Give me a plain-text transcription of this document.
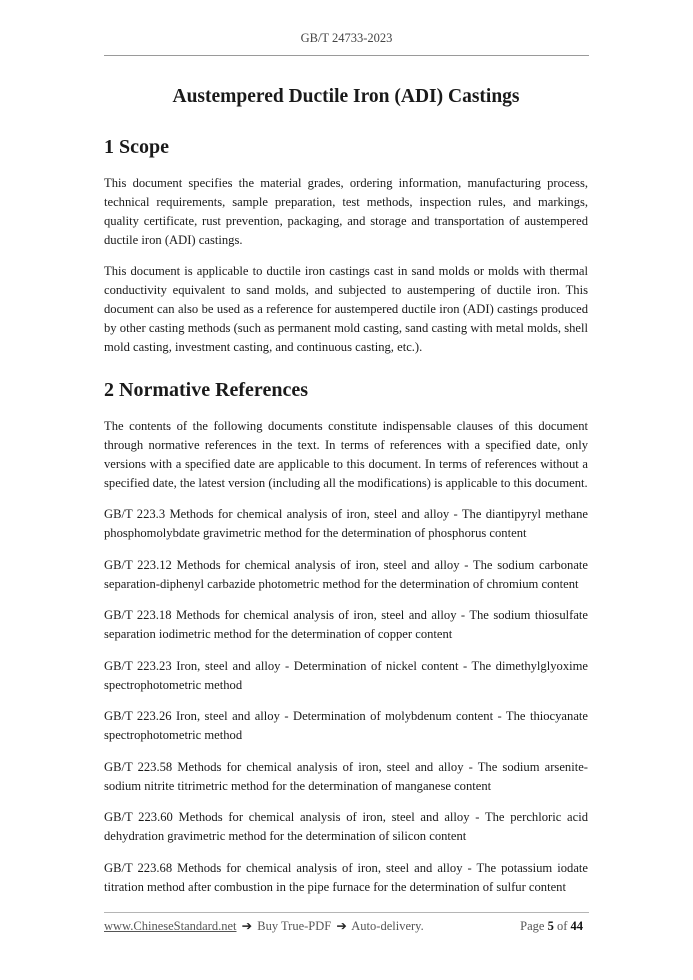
GB/T 24733-2023
Austempered Ductile Iron (ADI) Castings
1 Scope

This document specifies the material grades, ordering information, manufacturing process, technical requirements, sample preparation, test methods, inspection rules, and markings, quality certificate, rust prevention, packaging, and storage and transportation of austempered ductile iron (ADI) castings.

This document is applicable to ductile iron castings cast in sand molds or molds with thermal conductivity equivalent to sand molds, and subjected to austempering of ductile iron. This document can also be used as a reference for austempered ductile iron (ADI) castings produced by other casting methods (such as permanent mold casting, sand casting with metal molds, shell mold casting, investment casting, and continuous casting, etc.).

2 Normative References

The contents of the following documents constitute indispensable clauses of this document through normative references in the text. In terms of references with a specified date, only versions with a specified date are applicable to this document. In terms of references without a specified date, the latest version (including all the modifications) is applicable to this document.

GB/T 223.3 Methods for chemical analysis of iron, steel and alloy - The diantipyryl methane phosphomolybdate gravimetric method for the determination of phosphorus content

GB/T 223.12 Methods for chemical analysis of iron, steel and alloy - The sodium carbonate separation-diphenyl carbazide photometric method for the determination of chromium content

GB/T 223.18 Methods for chemical analysis of iron, steel and alloy - The sodium thiosulfate separation iodimetric method for the determination of copper content

GB/T 223.23 Iron, steel and alloy - Determination of nickel content - The dimethylglyoxime spectrophotometric method

GB/T 223.26 Iron, steel and alloy - Determination of molybdenum content - The thiocyanate spectrophotometric method

GB/T 223.58 Methods for chemical analysis of iron, steel and alloy - The sodium arsenite-sodium nitrite titrimetric method for the determination of manganese content

GB/T 223.60 Methods for chemical analysis of iron, steel and alloy - The perchloric acid dehydration gravimetric method for the determination of silicon content

GB/T 223.68 Methods for chemical analysis of iron, steel and alloy - The potassium iodate titration method after combustion in the pipe furnace for the determination of sulfur content

www.ChineseStandard.net ➔ Buy True-PDF ➔ Auto-delivery.	Page 5 of 44
